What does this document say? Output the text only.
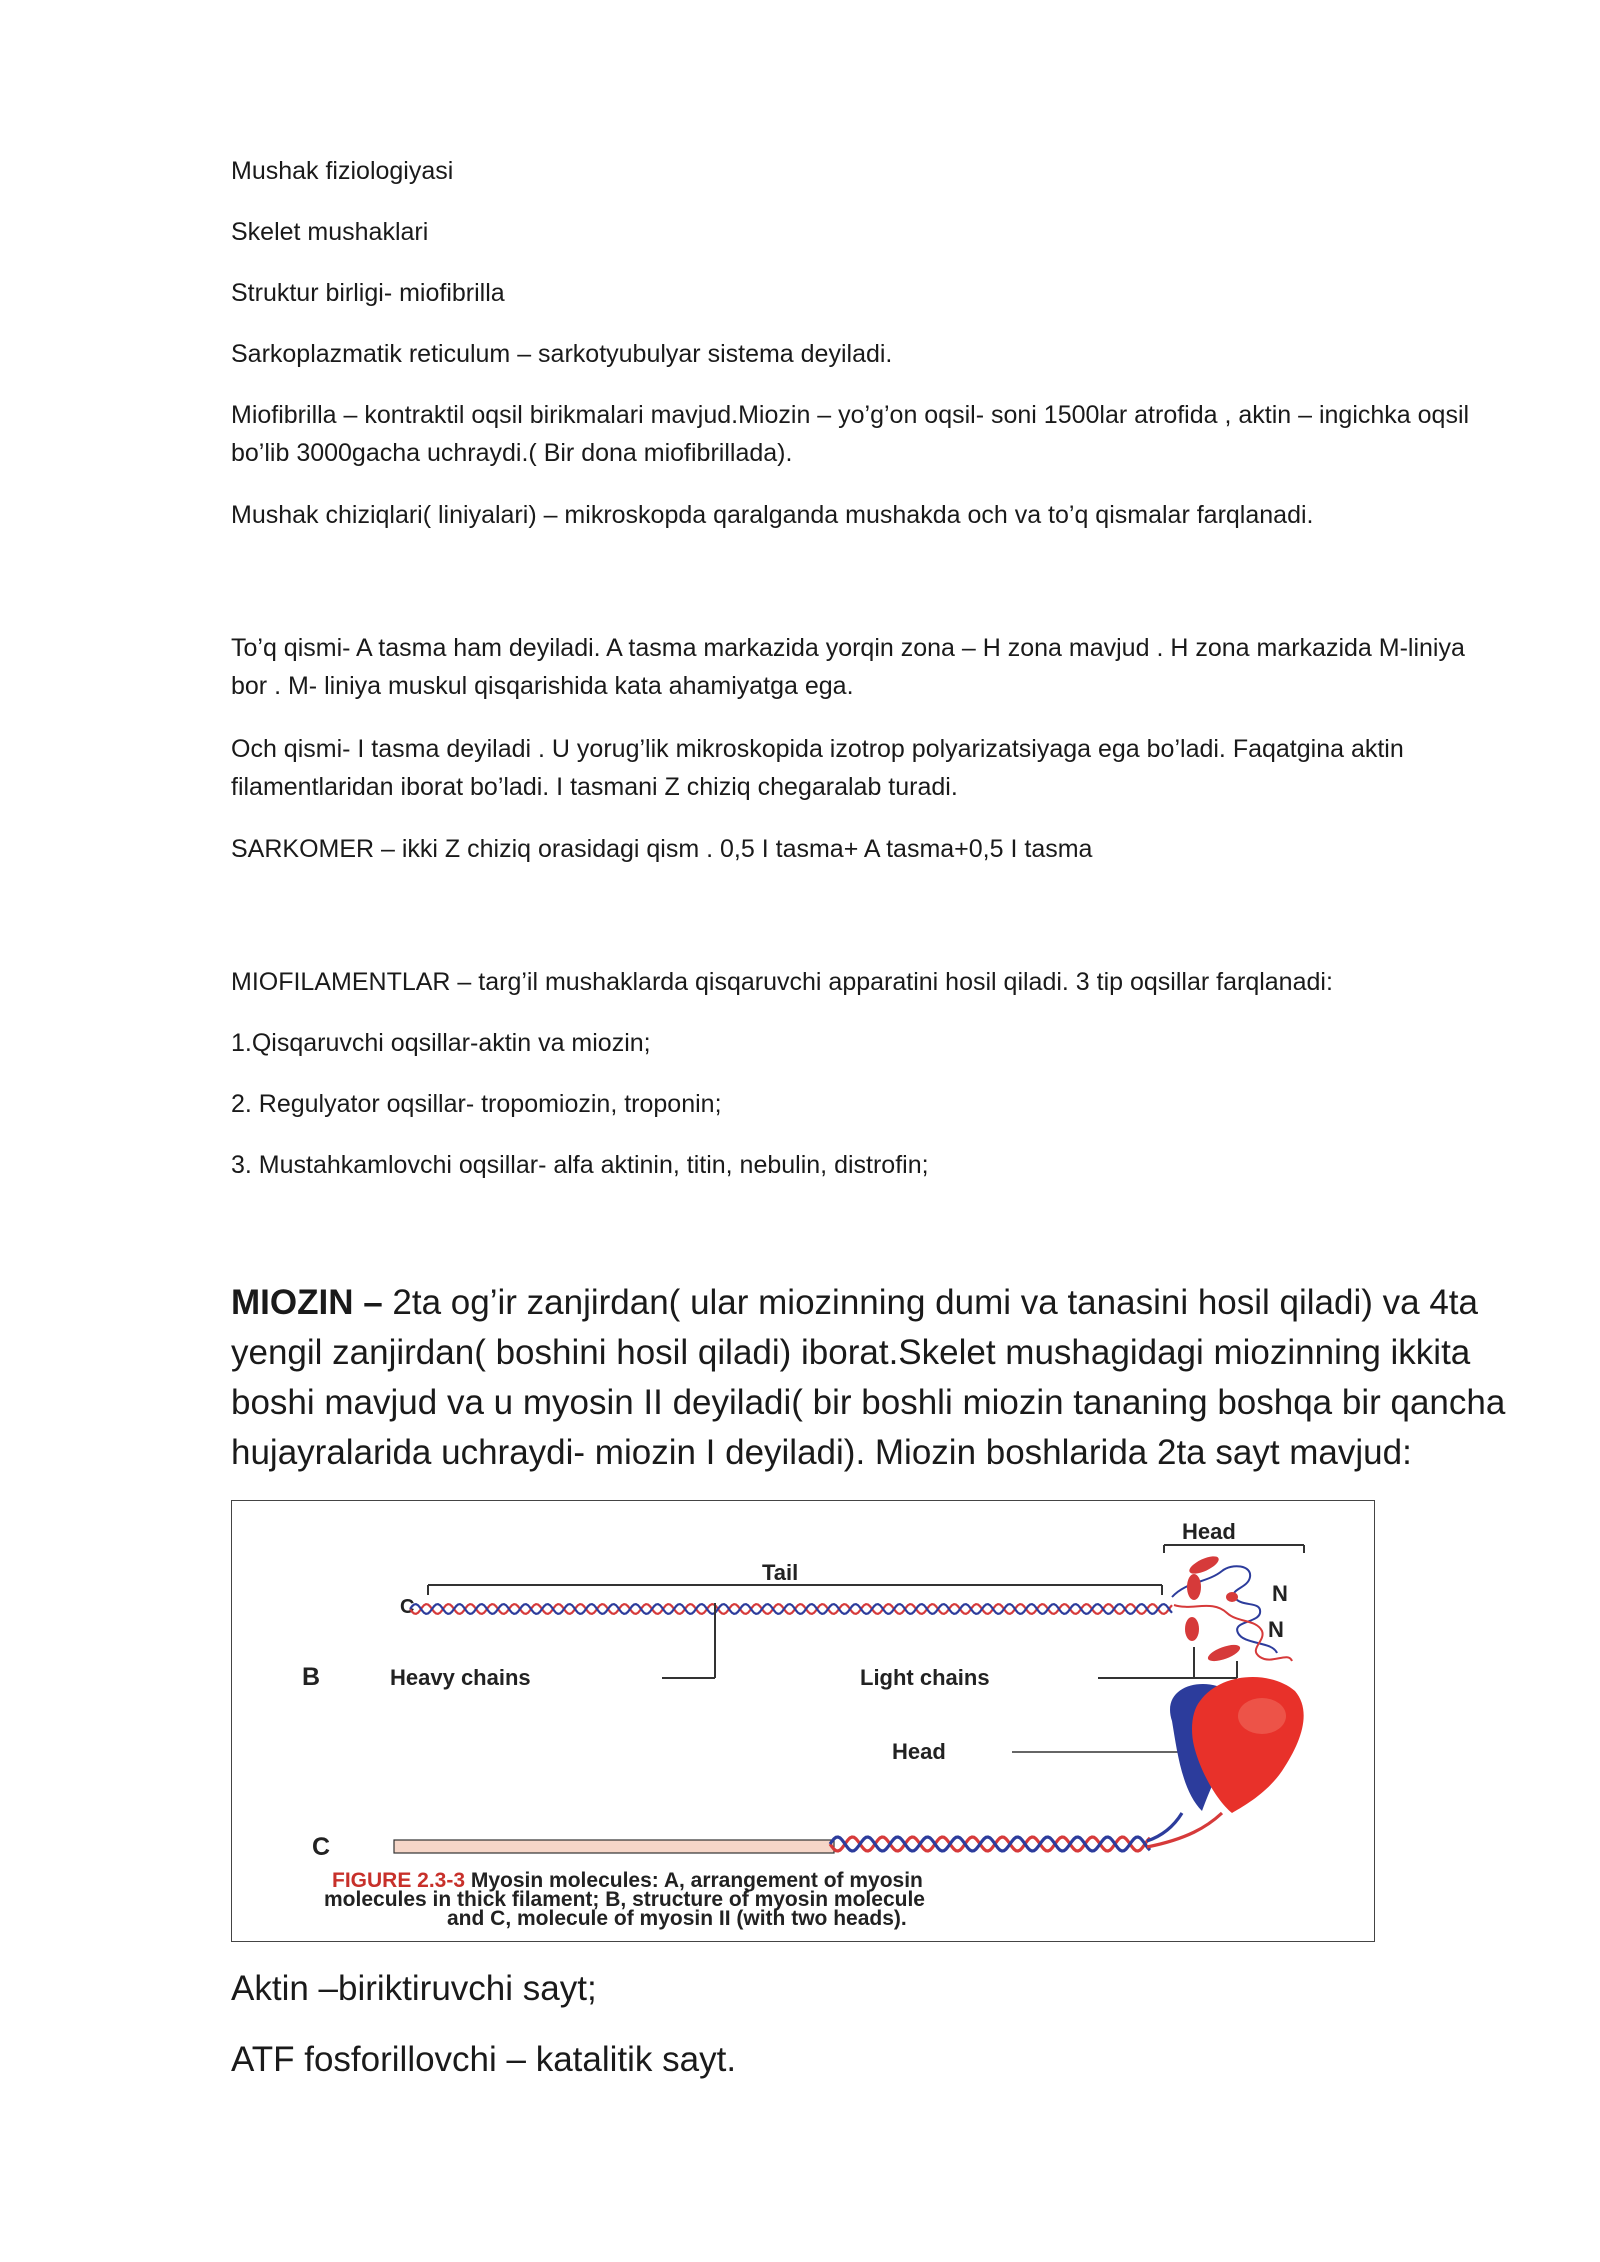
Mushak fiziologiyasi

Skelet mushaklari

Struktur birligi- miofibrilla

Sarkoplazmatik reticulum – sarkotyubulyar sistema deyiladi.

Miofibrilla – kontraktil oqsil birikmalari mavjud.Miozin – yo’g’on oqsil- soni 1500lar atrofida , aktin – ingichka oqsil bo’lib 3000gacha uchraydi.( Bir dona miofibrillada).

Mushak chiziqlari( liniyalari) – mikroskopda qaralganda mushakda och va to’q qismalar farqlanadi.

To’q qismi- A tasma ham deyiladi. A tasma markazida yorqin zona – H zona mavjud . H zona markazida M-liniya bor . M- liniya muskul qisqarishida kata ahamiyatga ega.

Och qismi- I tasma deyiladi . U yorug’lik mikroskopida izotrop polyarizatsiyaga ega bo’ladi. Faqatgina aktin filamentlaridan iborat bo’ladi. I tasmani Z chiziq chegaralab turadi.

SARKOMER – ikki Z chiziq orasidagi qism . 0,5 I tasma+ A tasma+0,5 I tasma

MIOFILAMENTLAR – targ’il mushaklarda qisqaruvchi apparatini hosil qiladi. 3 tip oqsillar farqlanadi:

1.Qisqaruvchi oqsillar-aktin va miozin;

2. Regulyator oqsillar- tropomiozin, troponin;

3. Mustahkamlovchi oqsillar- alfa aktinin, titin, nebulin, distrofin;

MIOZIN – 2ta og’ir zanjirdan( ular miozinning dumi va tanasini hosil qiladi) va 4ta yengil zanjirdan( boshini hosil qiladi) iborat.Skelet mushagidagi miozinning ikkita boshi mavjud va u myosin II deyiladi( bir boshli miozin tananing boshqa bir qancha hujayralarida uchraydi- miozin I deyiladi). Miozin boshlarida 2ta sayt mavjud:

Head
Tail
C
N
N
B	Heavy chains	Light chains
Head
C
FIGURE 2.3-3 Myosin molecules: A, arrangement of myosin
molecules in thick filament; B, structure of myosin molecule
and C, molecule of myosin II (with two heads).

Aktin –biriktiruvchi sayt;

ATF fosforillovchi – katalitik sayt.
